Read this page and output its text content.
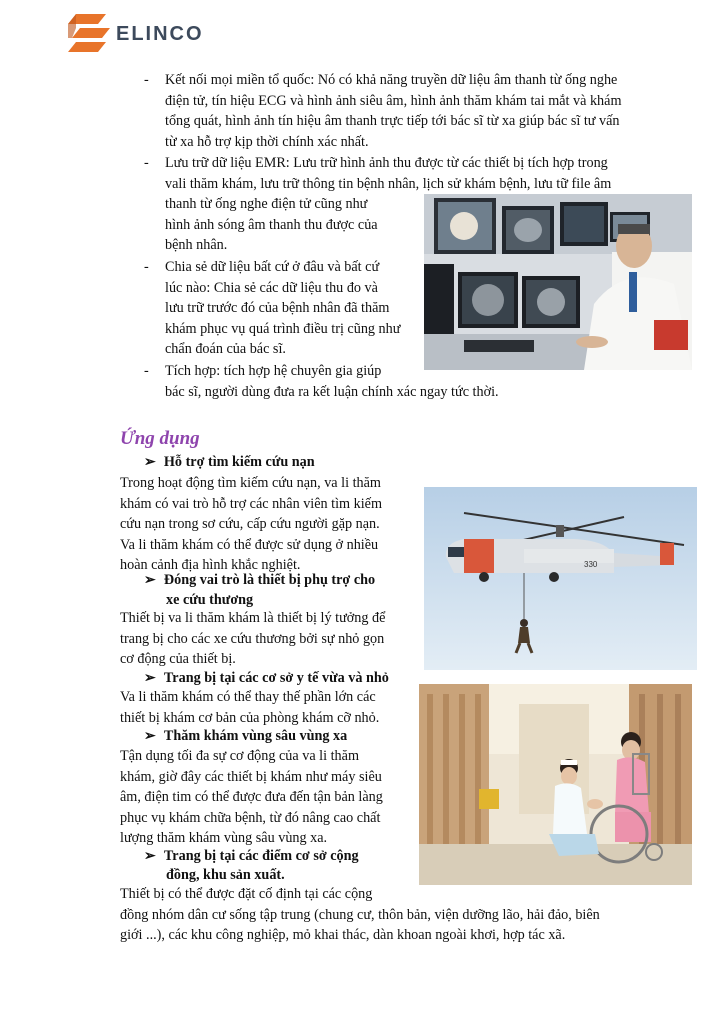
ELINCO
- Kết nối mọi miền tổ quốc: Nó có khả năng truyền dữ liệu âm thanh từ ống nghe
điện tử, tín hiệu ECG và hình ảnh siêu âm, hình ảnh thăm khám tai mắt và khám
tổng quát, hình ảnh tín hiệu âm thanh trực tiếp tới bác sĩ từ xa giúp bác sĩ tư vấn
từ xa hỗ trợ kịp thời chính xác nhất.
- Lưu trữ dữ liệu EMR: Lưu trữ hình ảnh thu được từ các thiết bị tích hợp trong
vali thăm khám, lưu trữ thông tin bệnh nhân, lịch sử khám bệnh, lưu tữ file âm
thanh từ ống nghe điện tử cũng như
hình ảnh sóng âm thanh thu được của
bệnh nhân.
- Chia sẻ dữ liệu bất cứ ở đâu và bất cứ
lúc nào: Chia sẻ các dữ liệu thu đo và
lưu trữ trước đó của bệnh nhân đã thăm
khám phục vụ quá trình điều trị cũng như
chẩn đoán của bác sĩ.
- Tích hợp: tích hợp hệ chuyên gia giúp
bác sĩ, người dùng đưa ra kết luận chính xác ngay tức thời.
Ứng dụng
➢ Hỗ trợ tìm kiếm cứu nạn
Trong hoạt động tìm kiếm cứu nạn, va li thăm
khám có vai trò hỗ trợ các nhân viên tìm kiếm
cứu nạn trong sơ cứu, cấp cứu người gặp nạn.
Va li thăm khám có thể được sử dụng ở nhiều
hoàn cảnh địa hình khắc nghiệt.
➢ Đóng vai trò là thiết bị phụ trợ cho
xe cứu thương
Thiết bị va li thăm khám là thiết bị lý tưởng để
trang bị cho các xe cứu thương bởi sự nhỏ gọn
cơ động của thiết bị.
➢ Trang bị tại các cơ sở y tế vừa và nhỏ
Va li thăm khám có thể thay thế phần lớn các
thiết bị khám cơ bản của phòng khám cỡ nhỏ.
➢ Thăm khám vùng sâu vùng xa
Tận dụng tối đa sự cơ động của va li thăm
khám, giờ đây các thiết bị khám như máy siêu
âm, điện tim có thể được đưa đến tận bản làng
phục vụ khám chữa bệnh, từ đó nâng cao chất
lượng thăm khám vùng sâu vùng xa.
➢ Trang bị tại các điểm cơ sở cộng
đồng, khu sản xuất.
Thiết bị có thể được đặt cố định tại các cộng
đồng nhóm dân cư sống tập trung (chung cư, thôn bản, viện dưỡng lão, hải đảo, biên
giới ...), các khu công nghiệp, mỏ khai thác, dàn khoan ngoài khơi, hợp tác xã.
330
